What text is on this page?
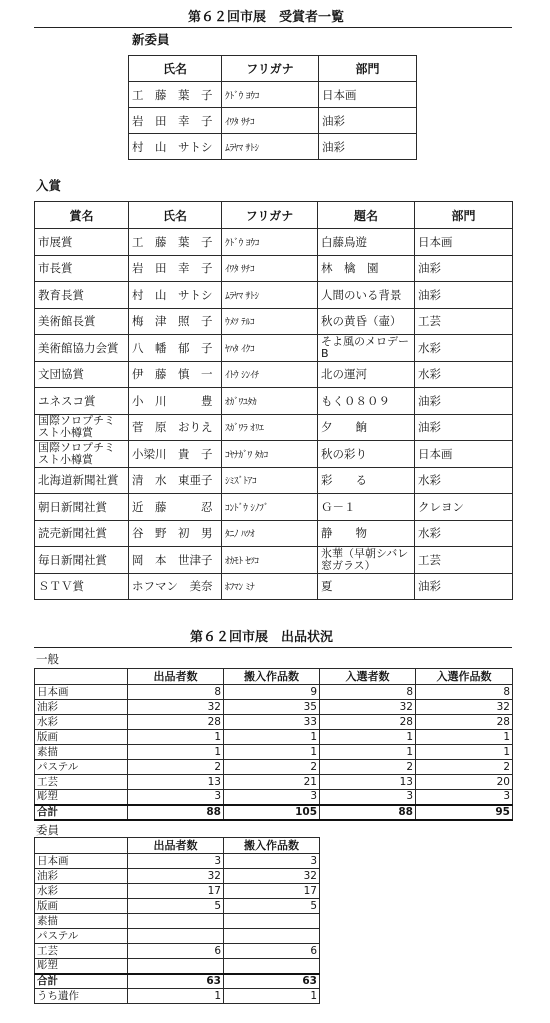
第６２回市展　受賞者一覧
新委員
氏名	フリガナ	部門
工　藤　葉　子	ｸﾄﾞｳ ﾖｳｺ	日本画
岩　田　幸　子	ｲﾜﾀ ｻﾁｺ	油彩
村　山　サトシ	ﾑﾗﾔﾏ ｻﾄｼ	油彩
入賞
賞名	氏名	フリガナ	題名	部門
市展賞	工　藤　葉　子	ｸﾄﾞｳ ﾖｳｺ	白藤鳥遊	日本画
市長賞	岩　田　幸　子	ｲﾜﾀ ｻﾁｺ	林　檎　園	油彩
教育長賞	村　山　サトシ	ﾑﾗﾔﾏ ｻﾄｼ	人間のいる背景	油彩
美術館長賞	梅　津　照　子	ｳﾒﾂ ﾃﾙｺ	秋の黄昏（壷）	工芸
美術館協力会賞	八　幡　郁　子	ﾔﾊﾀ ｲｸｺ	そよ風のメロデー B	水彩
文団協賞	伊　藤　慎　一	ｲﾄｳ ｼﾝｲﾁ	北の運河	水彩
ユネスコ賞	小　川　　　豊	ｵｶﾞﾜﾕﾀｶ	もく０８０９	油彩
国際ソロプチミスト小樽賞	菅　原　おりえ	ｽｶﾞﾜﾗ ｵﾘｴ	夕　　餉	油彩
国際ソロプチミスト小樽賞	小梁川　貴　子	ｺﾔﾅｶﾞﾜ ﾀｶｺ	秋の彩り	日本画
北海道新聞社賞	清　水　東亜子	ｼﾐｽﾞﾄｱｺ	彩　　る	水彩
朝日新聞社賞	近　藤　　　忍	ｺﾝﾄﾞｳ ｼﾉﾌﾞ	Ｇ－１	クレヨン
読売新聞社賞	谷　野　初　男	ﾀﾆﾉ ﾊﾂｵ	静　　物	水彩
毎日新聞社賞	岡　本　世津子	ｵｶﾓﾄ ｾﾂｺ	氷華（早朝シバレ窓ガラス）	工芸
ＳＴＶ賞	ホフマン　美奈	ﾎﾌﾏﾝ ﾐﾅ	夏	油彩
第６２回市展　出品状況
一般
	出品者数	搬入作品数	入選者数	入選作品数
日本画	8	9	8	8
油彩	32	35	32	32
水彩	28	33	28	28
版画	1	1	1	1
素描	1	1	1	1
パステル	2	2	2	2
工芸	13	21	13	20
彫塑	3	3	3	3
合計	88	105	88	95
委員
	出品者数	搬入作品数
日本画	3	3
油彩	32	32
水彩	17	17
版画	5	5
素描		
パステル		
工芸	6	6
彫塑		
合計	63	63
うち遺作	1	1
